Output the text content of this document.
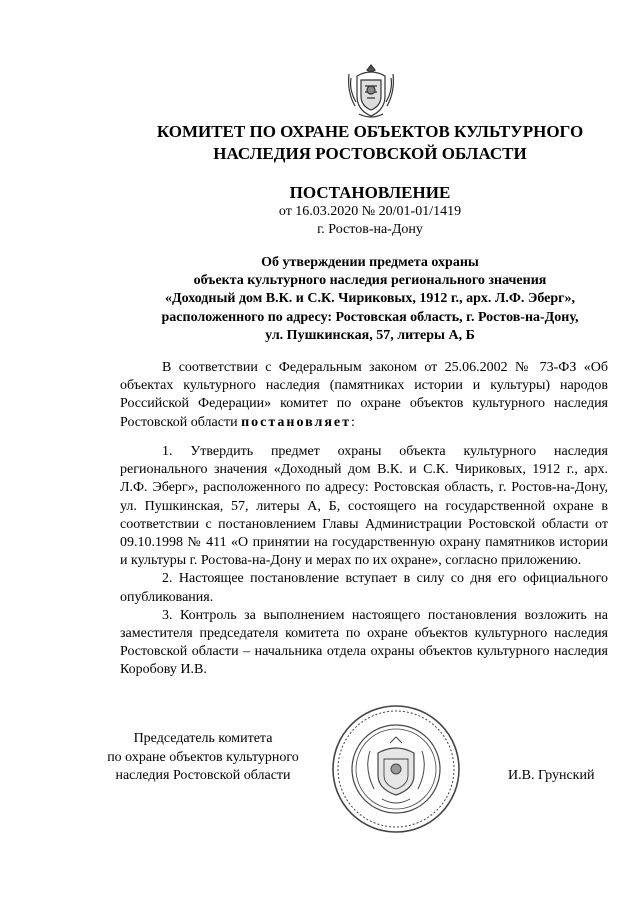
КОМИТЕТ ПО ОХРАНЕ ОБЪЕКТОВ КУЛЬТУРНОГО
НАСЛЕДИЯ РОСТОВСКОЙ ОБЛАСТИ
ПОСТАНОВЛЕНИЕ
от 16.03.2020 № 20/01-01/1419
г. Ростов-на-Дону
Об утверждении предмета охраны
объекта культурного наследия регионального значения
«Доходный дом В.К. и С.К. Чириковых, 1912 г., арх. Л.Ф. Эберг»,
расположенного по адресу: Ростовская область, г. Ростов-на-Дону,
ул. Пушкинская, 57, литеры А, Б

В соответствии с Федеральным законом от 25.06.2002 № 73-ФЗ «Об объектах культурного наследия (памятниках истории и культуры) народов Российской Федерации» комитет по охране объектов культурного наследия Ростовской области постановляет:

1. Утвердить предмет охраны объекта культурного наследия регионального значения «Доходный дом В.К. и С.К. Чириковых, 1912 г., арх. Л.Ф. Эберг», расположенного по адресу: Ростовская область, г. Ростов-на-Дону, ул. Пушкинская, 57, литеры А, Б, состоящего на государственной охране в соответствии с постановлением Главы Администрации Ростовской области от 09.10.1998 № 411 «О принятии на государственную охрану памятников истории и культуры г. Ростова-на-Дону и мерах по их охране», согласно приложению.

2. Настоящее постановление вступает в силу со дня его официального опубликования.

3. Контроль за выполнением настоящего постановления возложить на заместителя председателя комитета по охране объектов культурного наследия Ростовской области – начальника отдела охраны объектов культурного наследия Коробову И.В.

Председатель комитета
по охране объектов культурного
наследия Ростовской области	И.В. Грунский
